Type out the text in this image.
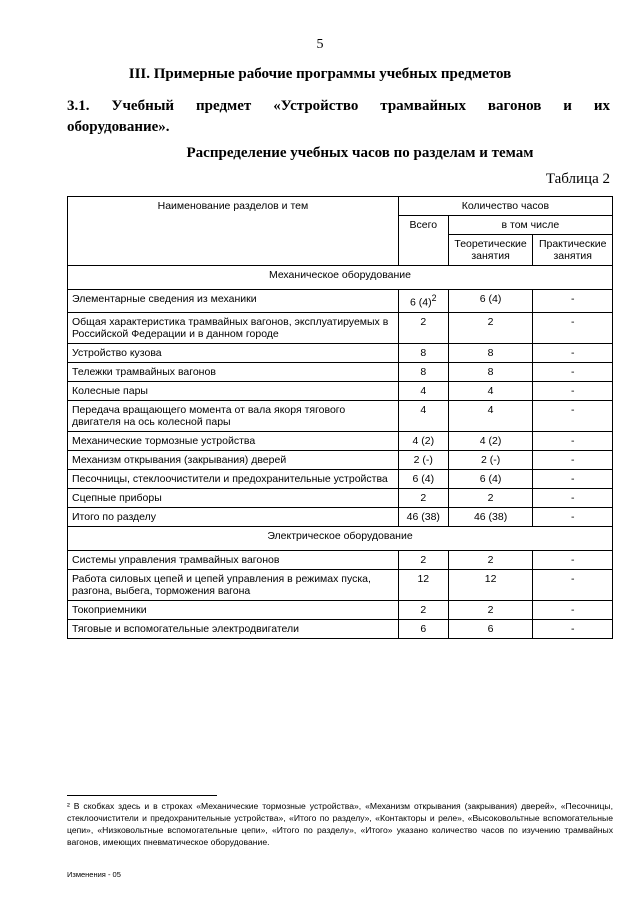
5
III. Примерные рабочие программы учебных предметов
3.1. Учебный предмет «Устройство трамвайных вагонов и их
оборудование».
Распределение учебных часов по разделам и темам
Таблица 2
Наименование разделов и тем	Количество часов		
	Всего	в том числе	
		Теоретические занятия	Практические занятия
Механическое оборудование			
Элементарные сведения из механики	6 $(4)^2$	6 (4)	-
Общая характеристика трамвайных вагонов, эксплуатируемых в Российской Федерации и в данном городе	2	2	-
Устройство кузова	8	8	-
Тележки трамвайных вагонов	8	8	-
Колесные пары	4	4	-
Передача вращающего момента от вала якоря тягового двигателя на ось колесной пары	4	4	-
Механические тормозные устройства	4 (2)	4 (2)	-
Механизм открывания (закрывания) дверей	2 (-)	2 (-)	-
Песочницы, стеклоочистители и предохранительные устройства	6 (4)	6 (4)	-
Сцепные приборы	2	2	-
Итого по разделу	46 (38)	46 (38)	-
Электрическое оборудование			
Системы управления трамвайных вагонов	2	2	-
Работа силовых цепей и цепей управления в режимах пуска, разгона, выбега, торможения вагона	12	12	-
Токоприемники	2	2	-
Тяговые и вспомогательные электродвигатели	6	6	-
² В скобках здесь и в строках «Механические тормозные устройства», «Механизм открывания (закрывания) дверей», «Песочницы, стеклоочистители и предохранительные устройства», «Итого по разделу», «Контакторы и реле», «Высоковольтные вспомогательные цепи», «Низковольтные вспомогательные цепи», «Итого по разделу», «Итого» указано количество часов по изучению трамвайных вагонов, имеющих пневматическое оборудование.
Изменения - 05
